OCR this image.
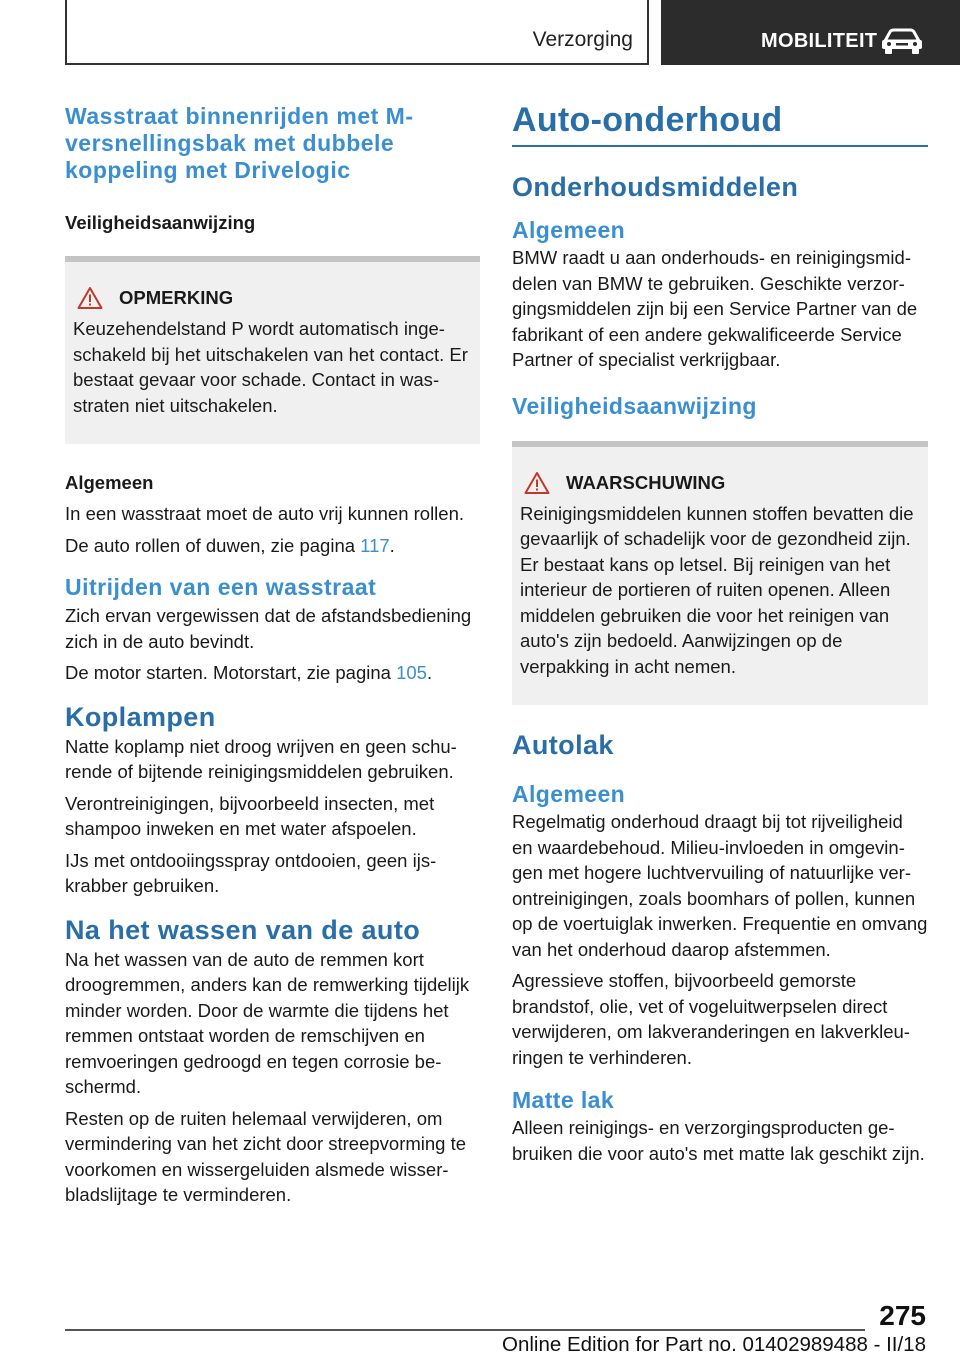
Verzorging	MOBILITEIT
Wasstraat binnenrijden met M-versnellingsbak met dubbele koppeling met Drivelogic
Veiligheidsaanwijzing
OPMERKING
Keuzehendelstand P wordt automatisch ingeschakeld bij het uitschakelen van het contact. Er bestaat gevaar voor schade. Contact in wasstraten niet uitschakelen.
Algemeen
In een wasstraat moet de auto vrij kunnen rollen.
De auto rollen of duwen, zie pagina 117.
Uitrijden van een wasstraat
Zich ervan vergewissen dat de afstandsbediening zich in de auto bevindt.
De motor starten. Motorstart, zie pagina 105.
Koplampen
Natte koplamp niet droog wrijven en geen schurende of bijtende reinigingsmiddelen gebruiken.
Verontreinigingen, bijvoorbeeld insecten, met shampoo inweken en met water afspoelen.
IJs met ontdooiingsspray ontdooien, geen ijskrabber gebruiken.
Na het wassen van de auto
Na het wassen van de auto de remmen kort droogremmen, anders kan de remwerking tijdelijk minder worden. Door de warmte die tijdens het remmen ontstaat worden de remschijven en remvoeringen gedroogd en tegen corrosie beschermd.
Resten op de ruiten helemaal verwijderen, om vermindering van het zicht door streepvorming te voorkomen en wissergeluiden alsmede wisserbladslijtage te verminderen.
Auto-onderhoud
Onderhoudsmiddelen
Algemeen
BMW raadt u aan onderhouds- en reinigingsmiddelen van BMW te gebruiken. Geschikte verzorgingsmiddelen zijn bij een Service Partner van de fabrikant of een andere gekwalificeerde Service Partner of specialist verkrijgbaar.
Veiligheidsaanwijzing
WAARSCHUWING
Reinigingsmiddelen kunnen stoffen bevatten die gevaarlijk of schadelijk voor de gezondheid zijn. Er bestaat kans op letsel. Bij reinigen van het interieur de portieren of ruiten openen. Alleen middelen gebruiken die voor het reinigen van auto's zijn bedoeld. Aanwijzingen op de verpakking in acht nemen.
Autolak
Algemeen
Regelmatig onderhoud draagt bij tot rijveiligheid en waardebehoud. Milieu-invloeden in omgevingen met hogere luchtvervuiling of natuurlijke verontreinigingen, zoals boomhars of pollen, kunnen op de voertuiglak inwerken. Frequentie en omvang van het onderhoud daarop afstemmen.
Agressieve stoffen, bijvoorbeeld gemorste brandstof, olie, vet of vogeluitwerpselen direct verwijderen, om lakveranderingen en lakverkleuringen te verhinderen.
Matte lak
Alleen reinigings- en verzorgingsproducten gebruiken die voor auto's met matte lak geschikt zijn.
275
Online Edition for Part no. 01402989488 - II/18
